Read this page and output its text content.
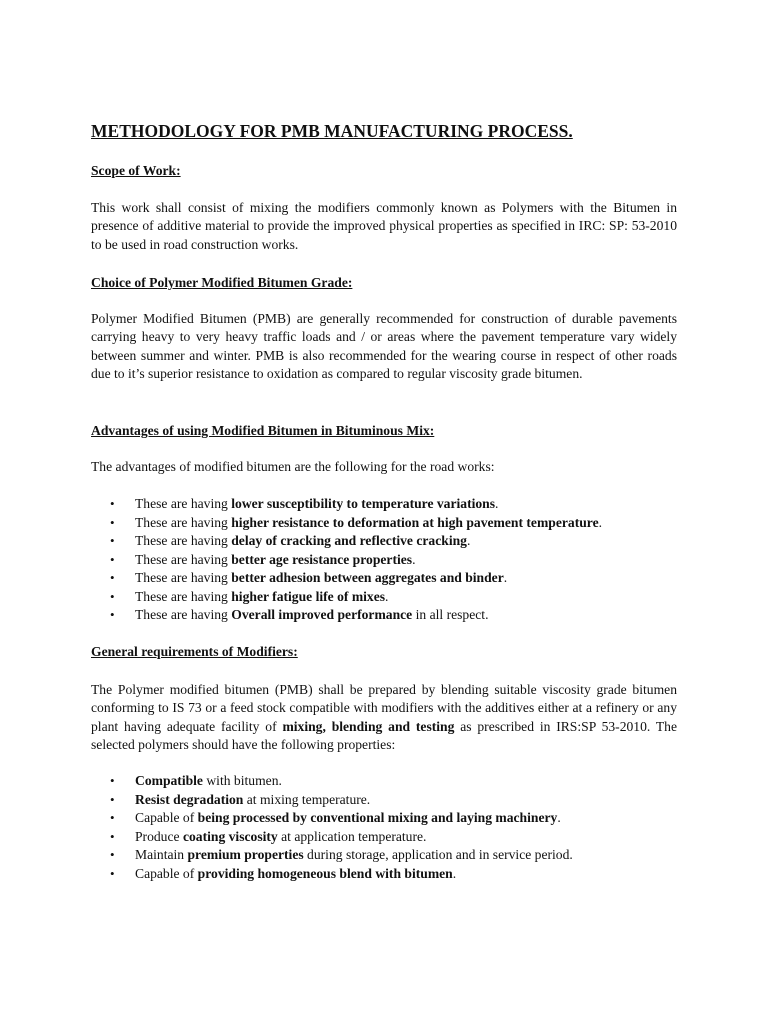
METHODOLOGY FOR PMB MANUFACTURING PROCESS.
Scope of Work:

This work shall consist of mixing the modifiers commonly known as Polymers with the Bitumen in presence of additive material to provide the improved physical properties as specified in IRC: SP: 53-2010 to be used in road construction works.

Choice of Polymer Modified Bitumen Grade:

Polymer Modified Bitumen (PMB) are generally recommended for construction of durable pavements carrying heavy to very heavy traffic loads and / or areas where the pavement temperature vary widely between summer and winter. PMB is also recommended for the wearing course in respect of other roads due to it’s superior resistance to oxidation as compared to regular viscosity grade bitumen.

Advantages of using Modified Bitumen in Bituminous Mix:

The advantages of modified bitumen are the following for the road works:

• These are having lower susceptibility to temperature variations.
• These are having higher resistance to deformation at high pavement temperature.
• These are having delay of cracking and reflective cracking.
• These are having better age resistance properties.
• These are having better adhesion between aggregates and binder.
• These are having higher fatigue life of mixes.
• These are having Overall improved performance in all respect.
General requirements of Modifiers:

The Polymer modified bitumen (PMB) shall be prepared by blending suitable viscosity grade bitumen conforming to IS 73 or a feed stock compatible with modifiers with the additives either at a refinery or any plant having adequate facility of mixing, blending and testing as prescribed in IRS:SP 53-2010. The selected polymers should have the following properties:

• Compatible with bitumen.
• Resist degradation at mixing temperature.
• Capable of being processed by conventional mixing and laying machinery.
• Produce coating viscosity at application temperature.
• Maintain premium properties during storage, application and in service period.
• Capable of providing homogeneous blend with bitumen.
